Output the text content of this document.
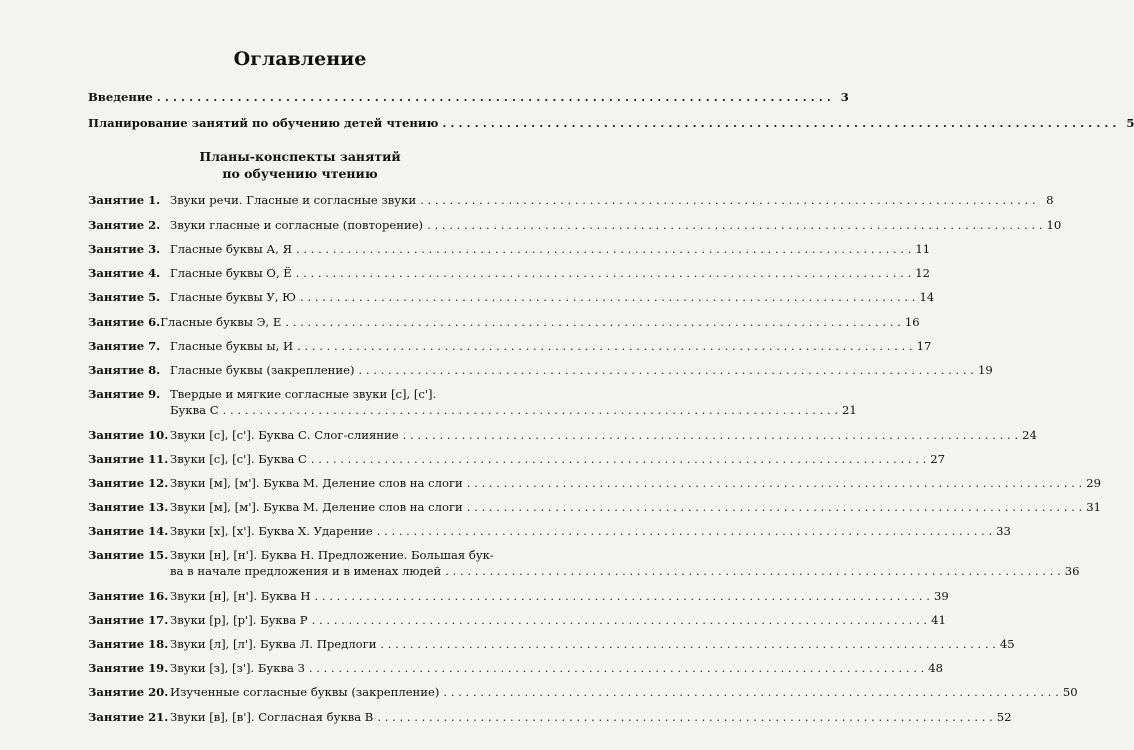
Оглавление
Введение . . .	3
Планирование занятий по обучению детей чтению . . .	5
Планы-конспекты занятий
по обучению чтению
Занятие 1. Звуки речи. Гласные и согласные звуки . . .	8
Занятие 2. Звуки гласные и согласные (повторение) . . .	10
Занятие 3. Гласные буквы А, Я . . .	11
Занятие 4. Гласные буквы О, Ё . . .	12
Занятие 5. Гласные буквы У, Ю . . .	14
Занятие 6. Гласные буквы Э, Е . . .	16
Занятие 7. Гласные буквы ы, И . . .	17
Занятие 8. Гласные буквы (закрепление) . . .	19
Занятие 9. Твердые и мягкие согласные звуки [с], [с'].
Буква С . . .	21
Занятие 10. Звуки [с], [с']. Буква С. Слог-слияние . . .	24
Занятие 11. Звуки [с], [с']. Буква С . . .	27
Занятие 12. Звуки [м], [м']. Буква М. Деление слов на слоги . . .	29
Занятие 13. Звуки [м], [м']. Буква М. Деление слов на слоги . . .	31
Занятие 14. Звуки [х], [х']. Буква Х. Ударение . . .	33
Занятие 15. Звуки [н], [н']. Буква Н. Предложение. Большая бук-
ва в начале предложения и в именах людей . . .	36
Занятие 16. Звуки [н], [н']. Буква Н . . .	39
Занятие 17. Звуки [р], [р']. Буква Р . . .	41
Занятие 18. Звуки [л], [л']. Буква Л. Предлоги . . .	45
Занятие 19. Звуки [з], [з']. Буква З . . .	48
Занятие 20. Изученные согласные буквы (закрепление) . . .	50
Занятие 21. Звуки [в], [в']. Согласная буква В . . .	52
